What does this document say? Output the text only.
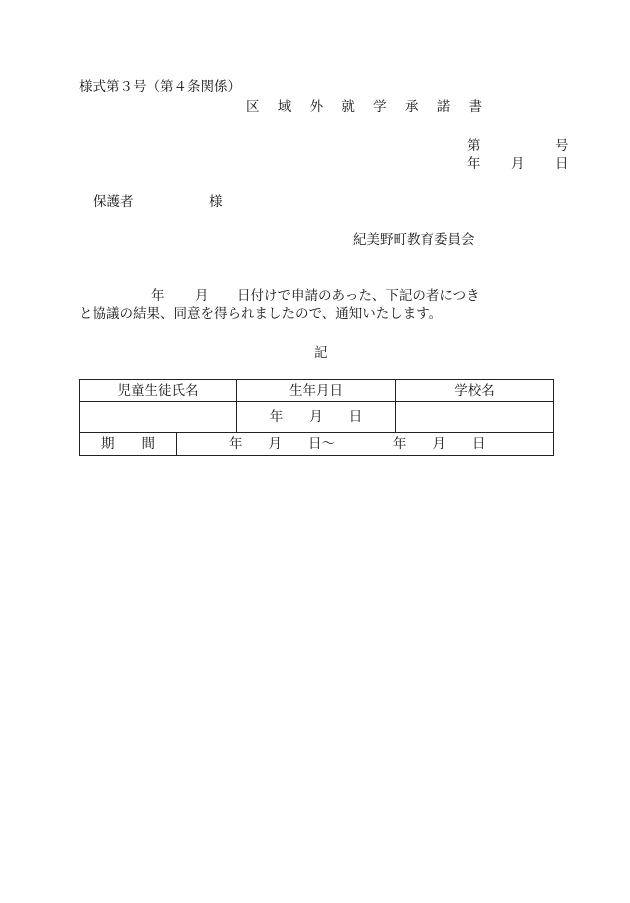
様式第３号（第４条関係）
区 域 外 就 学 承 諾 書
第	号
年 月 日
保護者	様
紀美野町教育委員会
年 月 日付けで申請のあった、下記の者につき
と協議の結果、同意を得られましたので、通知いたします。
記
児童生徒氏名		生年月日	学校名
		年 月 日	
期　　間	年 月 日〜 年 月 日		
